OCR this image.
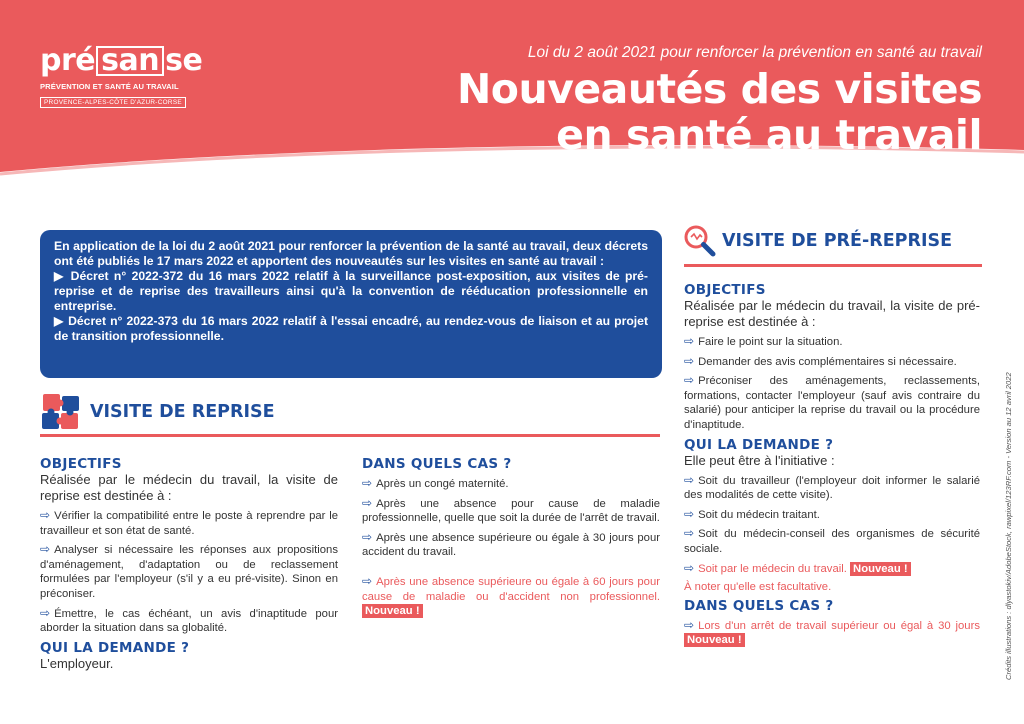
pré san se
PRÉVENTION ET SANTÉ AU TRAVAIL
PROVENCE-ALPES-CÔTE D'AZUR-CORSE
Loi du 2 août 2021 pour renforcer la prévention en santé au travail
Nouveautés des visites
en santé au travail

En application de la loi du 2 août 2021 pour renforcer la prévention de la santé au travail, deux décrets ont été publiés le 17 mars 2022 et apportent des nouveautés sur les visites en santé au travail :

▶ Décret n° 2022-372 du 16 mars 2022 relatif à la surveillance post-exposition, aux visites de pré-reprise et de reprise des travailleurs ainsi qu'à la convention de rééducation professionnelle en entreprise.

▶ Décret n° 2022-373 du 16 mars 2022 relatif à l'essai encadré, au rendez-vous de liaison et au projet de transition professionnelle.

VISITE DE REPRISE
OBJECTIFS
Réalisée par le médecin du travail, la visite de reprise est destinée à :
⇨ Vérifier la compatibilité entre le poste à reprendre par le travailleur et son état de santé.
⇨ Analyser si nécessaire les réponses aux propositions d'aménagement, d'adaptation ou de reclassement formulées par l'employeur (s'il y a eu pré-visite). Sinon en préconiser.
⇨ Émettre, le cas échéant, un avis d'inaptitude pour aborder la situation dans sa globalité.
QUI LA DEMANDE ?
L'employeur.
DANS QUELS CAS ?
⇨ Après un congé maternité.
⇨ Après une absence pour cause de maladie professionnelle, quelle que soit la durée de l'arrêt de travail.
⇨ Après une absence supérieure ou égale à 30 jours pour accident du travail.
⇨ Après une absence supérieure ou égale à 60 jours pour cause de maladie ou d'accident non professionnel. Nouveau !
VISITE DE PRÉ-REPRISE
OBJECTIFS
Réalisée par le médecin du travail, la visite de pré-reprise est destinée à :
⇨ Faire le point sur la situation.
⇨ Demander des avis complémentaires si nécessaire.
⇨ Préconiser des aménagements, reclassements, formations, contacter l'employeur (sauf avis contraire du salarié) pour anticiper la reprise du travail ou la procédure d'inaptitude.
QUI LA DEMANDE ?
Elle peut être à l'initiative :
⇨ Soit du travailleur (l'employeur doit informer le salarié des modalités de cette visite).
⇨ Soit du médecin traitant.
⇨ Soit du médecin-conseil des organismes de sécurité sociale.
⇨ Soit par le médecin du travail. Nouveau !
À noter qu'elle est facultative.
DANS QUELS CAS ?
⇨ Lors d'un arrêt de travail supérieur ou égal à 30 jours Nouveau !	Crédits illustrations : dlyastokiv/AdobeStock, rawpixel/123RF.com - Version au 12 avril 2022
